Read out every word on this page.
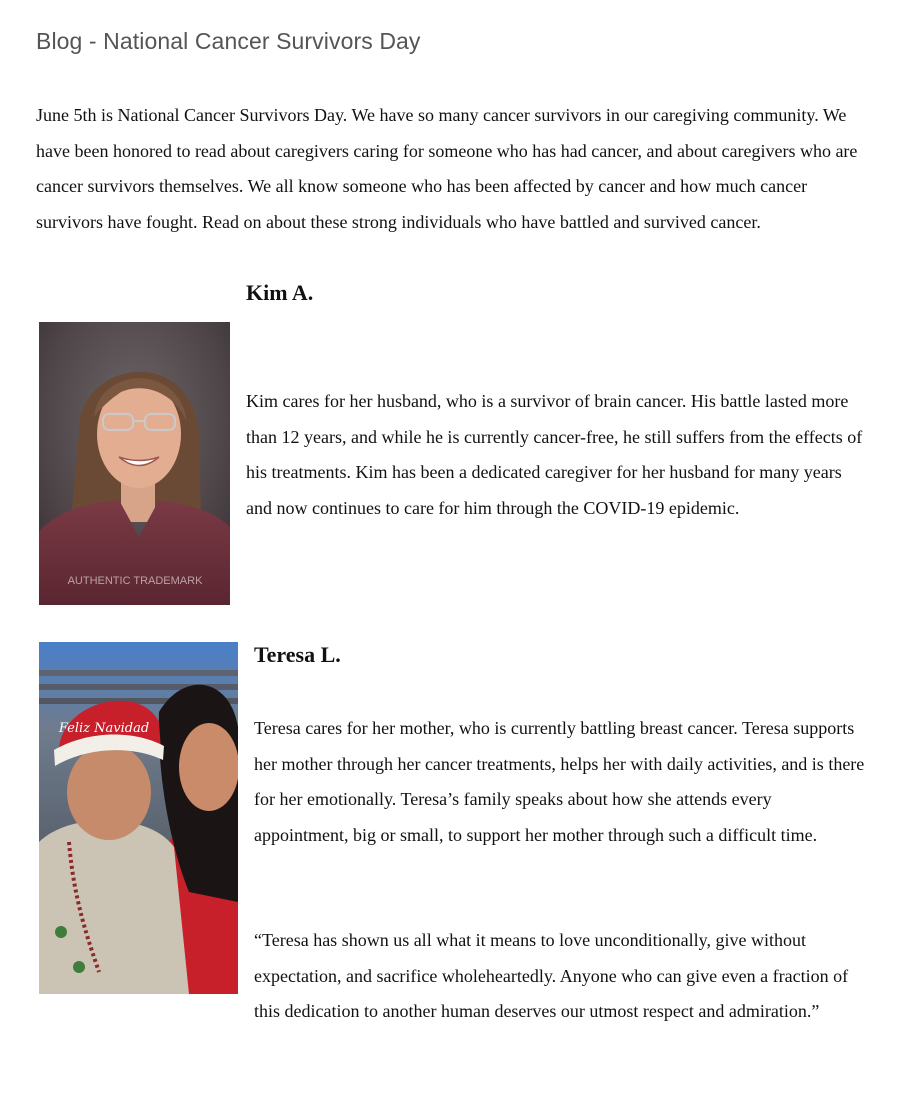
Blog - National Cancer Survivors Day

June 5th is National Cancer Survivors Day. We have so many cancer survivors in our caregiving community. We have been honored to read about caregivers caring for someone who has had cancer, and about caregivers who are cancer survivors themselves. We all know someone who has been affected by cancer and how much cancer survivors have fought. Read on about these strong individuals who have battled and survived cancer.

AUTHENTIC TRADEMARK
Kim A.

Kim cares for her husband, who is a survivor of brain cancer. His battle lasted more than 12 years, and while he is currently cancer-free, he still suffers from the effects of his treatments. Kim has been a dedicated caregiver for her husband for many years and now continues to care for him through the COVID-19 epidemic.

Feliz Navidad
Teresa L.

Teresa cares for her mother, who is currently battling breast cancer. Teresa supports her mother through her cancer treatments, helps her with daily activities, and is there for her emotionally. Teresa’s family speaks about how she attends every appointment, big or small, to support her mother through such a difficult time.

“Teresa has shown us all what it means to love unconditionally, give without expectation, and sacrifice wholeheartedly. Anyone who can give even a fraction of this dedication to another human deserves our utmost respect and admiration.”
